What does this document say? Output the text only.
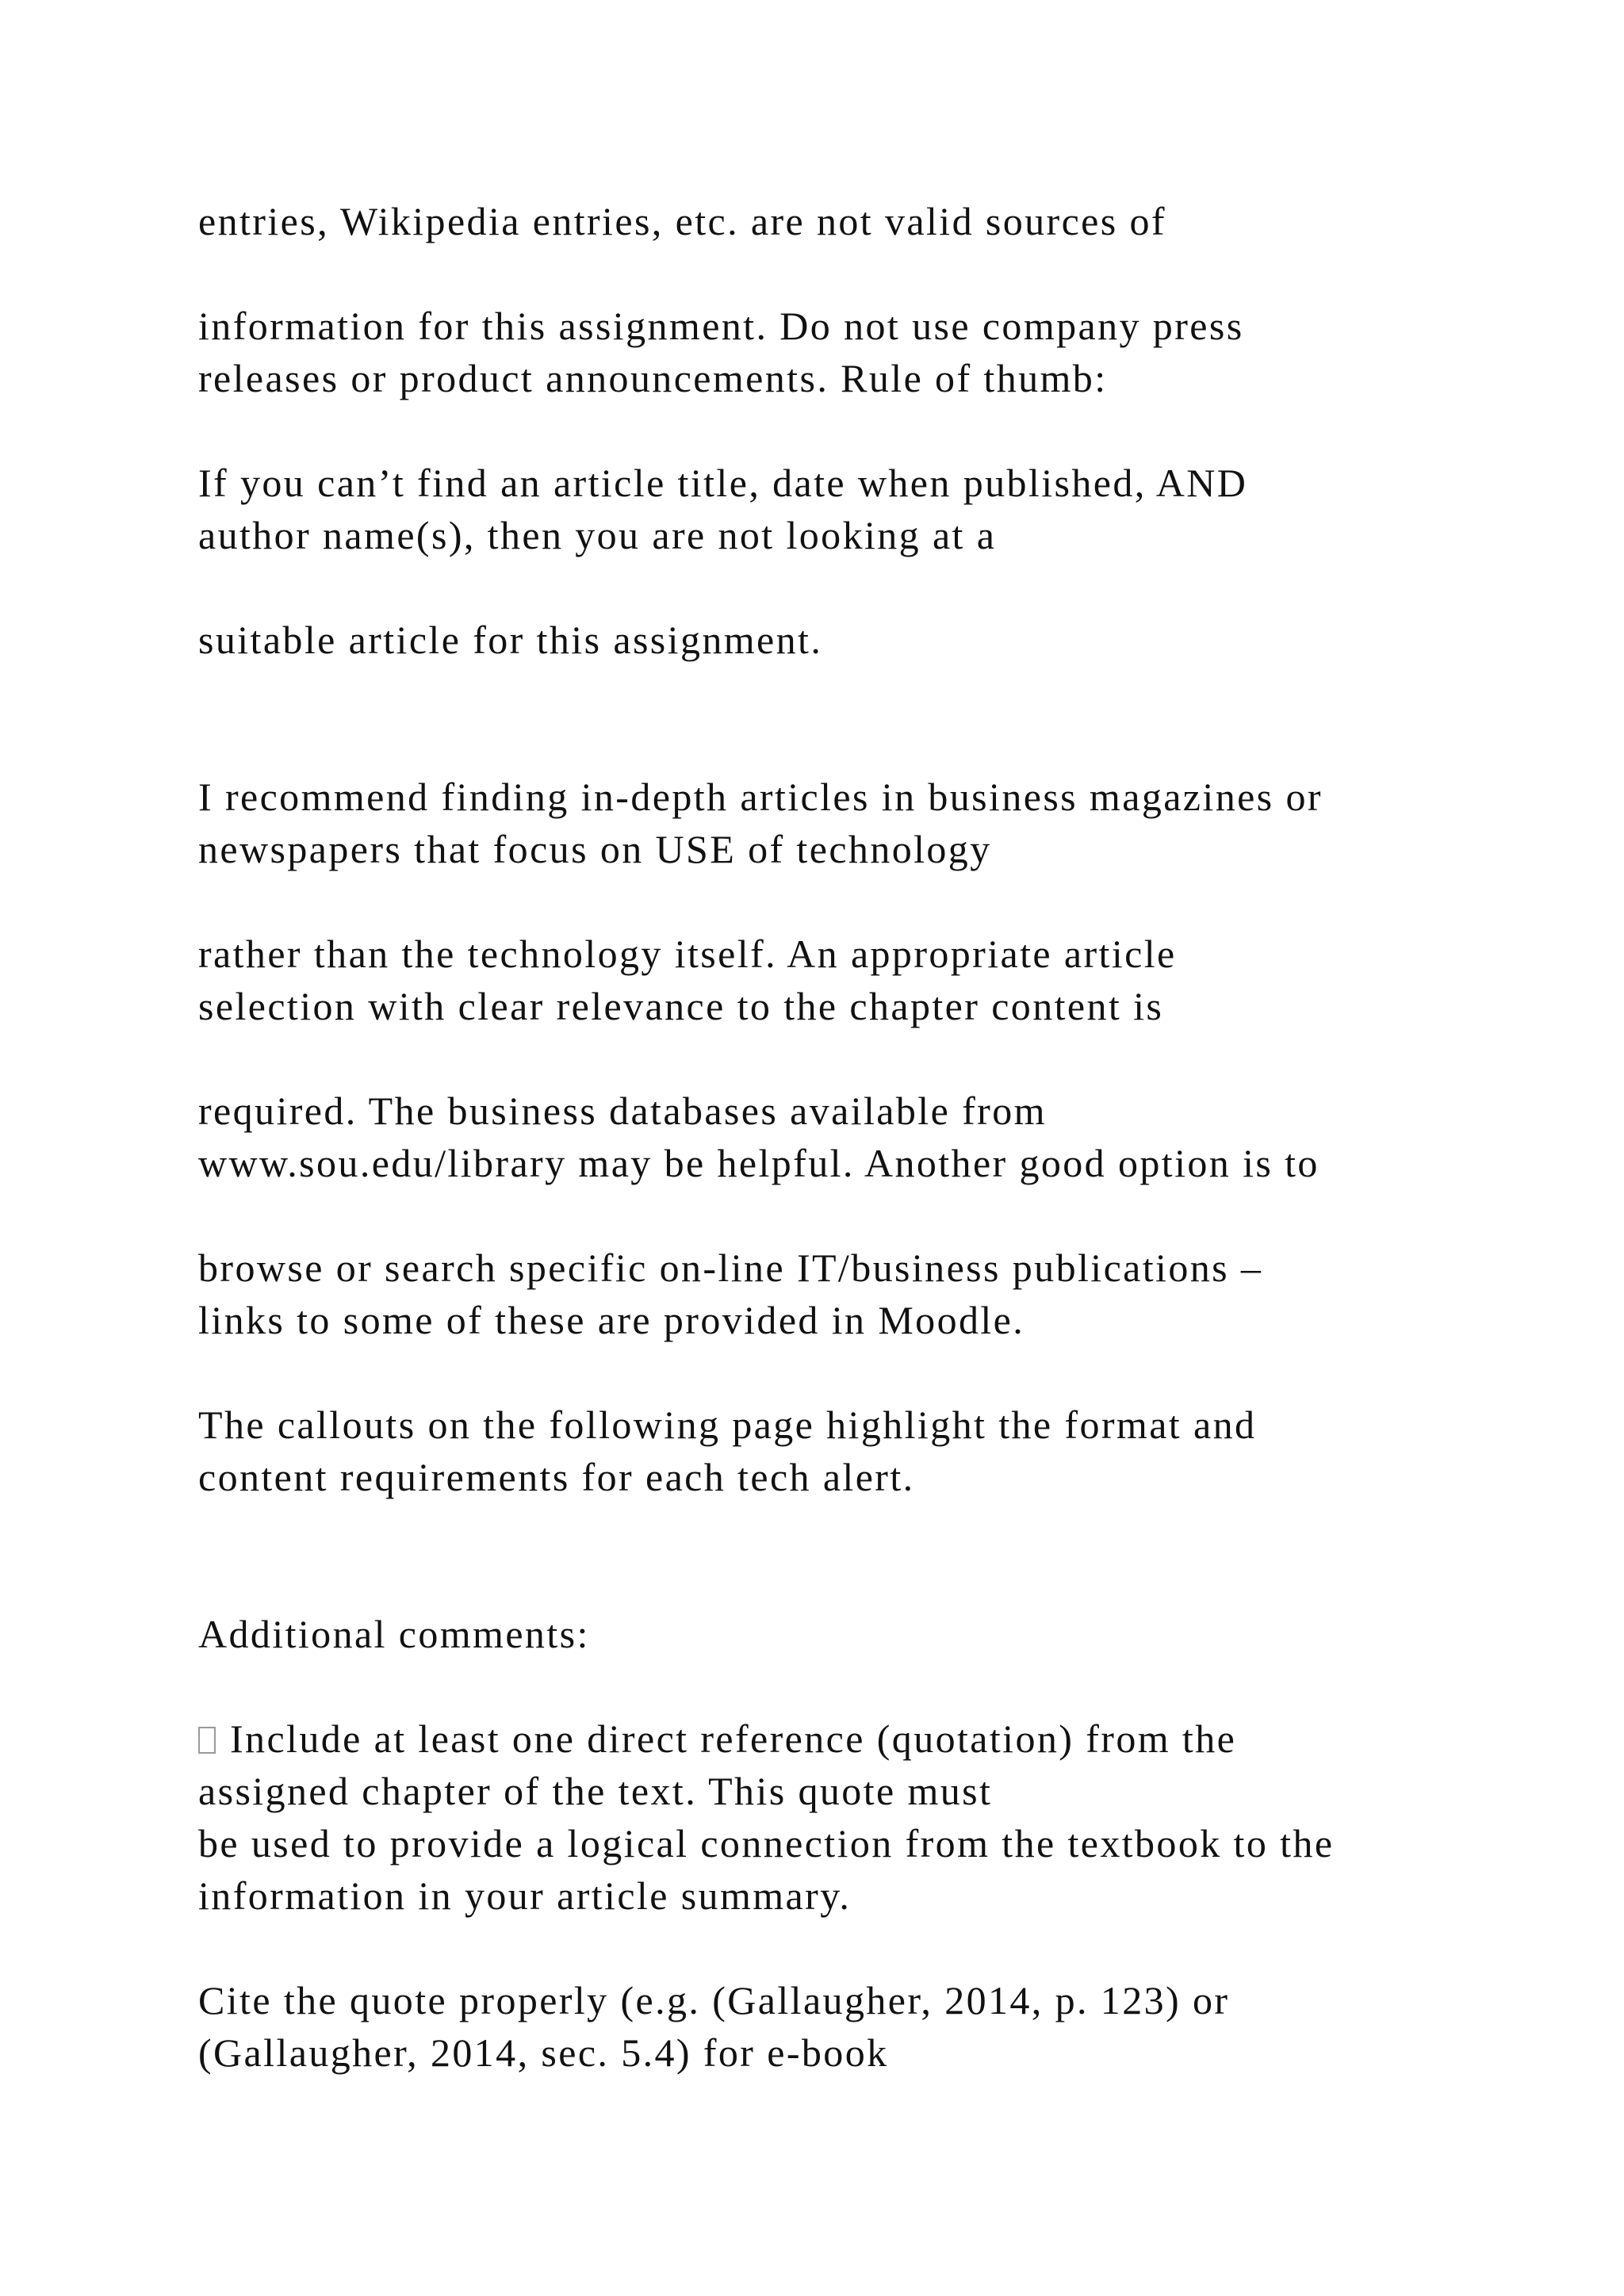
entries, Wikipedia entries, etc. are not valid sources of
information for this assignment. Do not use company press
releases or product announcements. Rule of thumb:
If you can’t find an article title, date when published, AND
author name(s), then you are not looking at a
suitable article for this assignment.
I recommend finding in-depth articles in business magazines or
newspapers that focus on USE of technology
rather than the technology itself. An appropriate article
selection with clear relevance to the chapter content is
required. The business databases available from
www.sou.edu/library may be helpful. Another good option is to
browse or search specific on-line IT/business publications –
links to some of these are provided in Moodle.
The callouts on the following page highlight the format and
content requirements for each tech alert.
Additional comments:
Include at least one direct reference (quotation) from the
assigned chapter of the text. This quote must
be used to provide a logical connection from the textbook to the
information in your article summary.
Cite the quote properly (e.g. (Gallaugher, 2014, p. 123) or
(Gallaugher, 2014, sec. 5.4) for e-book
